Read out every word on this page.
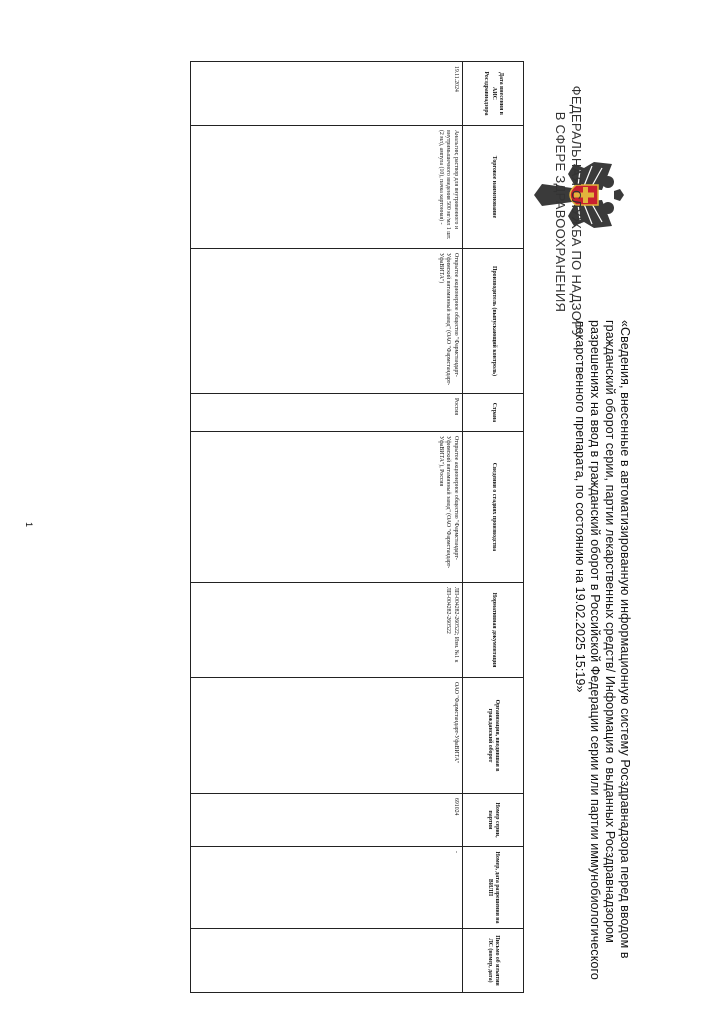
«Сведения, внесенные в автоматизированную информационную систему Росздравнадзора перед вводом в гражданский оборот серии, партии лекарственных средств/ Информация о выданных Росздравнадзором разрешениях на ввод в гражданский оборот в Российской Федерации серии или партии иммунобиологического лекарственного препарата, по состоянию на 19.02.2025 15:19»
ФЕДЕРАЛЬНАЯ СЛУЖБА ПО НАДЗОРУ
В СФЕРЕ ЗДРАВООХРАНЕНИЯ
Дата внесения в АИС Росздравнадзора	Торговое наименование	Производитель (выпускающий контроль)	Страна	Сведения о стадиях производства	Нормативная документация	Организация, вводившая в гражданский оборот	Номер серии, партии	Номер, дата разрешения на ВИЛП	Письмо об изъятии ЛС (номер, дата)
19.11.2024	Анальгин; раствор для внутривенного и внутримышечного введения 500 мг/мл 1 шт. (2 мл), ампула (10), пачка картонная) -	Открытое акционерное общество "Фармстандарт-Уфимский витаминный завод" (ОАО "Фармстандарт-УфаВИТА")	Россия	Открытое акционерное общество "Фармстандарт-Уфимский витаминный завод" (ОАО "Фармстандарт-УфаВИТА"), Россия	ЛП-004282-260522; Изм. №1 к ЛП-004282-260522	ОАО "Фармстандарт-УфаВИТА"	691024	-	
1
